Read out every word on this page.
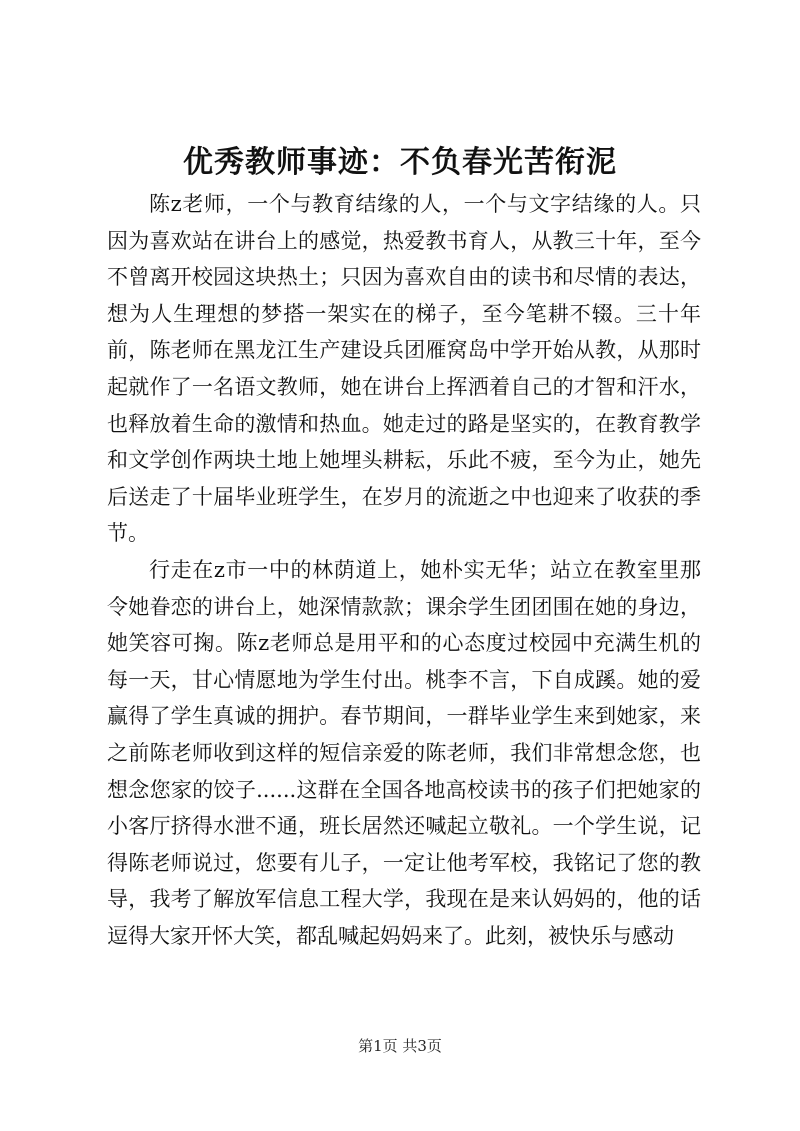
优秀教师事迹：不负春光苦衔泥

陈z老师，一个与教育结缘的人，一个与文字结缘的人。只因为喜欢站在讲台上的感觉，热爱教书育人，从教三十年，至今不曾离开校园这块热土；只因为喜欢自由的读书和尽情的表达，想为人生理想的梦搭一架实在的梯子，至今笔耕不辍。三十年前，陈老师在黑龙江生产建设兵团雁窝岛中学开始从教，从那时起就作了一名语文教师，她在讲台上挥洒着自己的才智和汗水，也释放着生命的激情和热血。她走过的路是坚实的，在教育教学和文学创作两块土地上她埋头耕耘，乐此不疲，至今为止，她先后送走了十届毕业班学生，在岁月的流逝之中也迎来了收获的季节。

行走在z市一中的林荫道上，她朴实无华；站立在教室里那令她眷恋的讲台上，她深情款款；课余学生团团围在她的身边，她笑容可掬。陈z老师总是用平和的心态度过校园中充满生机的每一天，甘心情愿地为学生付出。桃李不言，下自成蹊。她的爱赢得了学生真诚的拥护。春节期间，一群毕业学生来到她家，来之前陈老师收到这样的短信亲爱的陈老师，我们非常想念您，也想念您家的饺子......这群在全国各地高校读书的孩子们把她家的小客厅挤得水泄不通，班长居然还喊起立敬礼。一个学生说，记得陈老师说过，您要有儿子，一定让他考军校，我铭记了您的教导，我考了解放军信息工程大学，我现在是来认妈妈的，他的话逗得大家开怀大笑，都乱喊起妈妈来了。此刻，被快乐与感动

第1页 共3页
